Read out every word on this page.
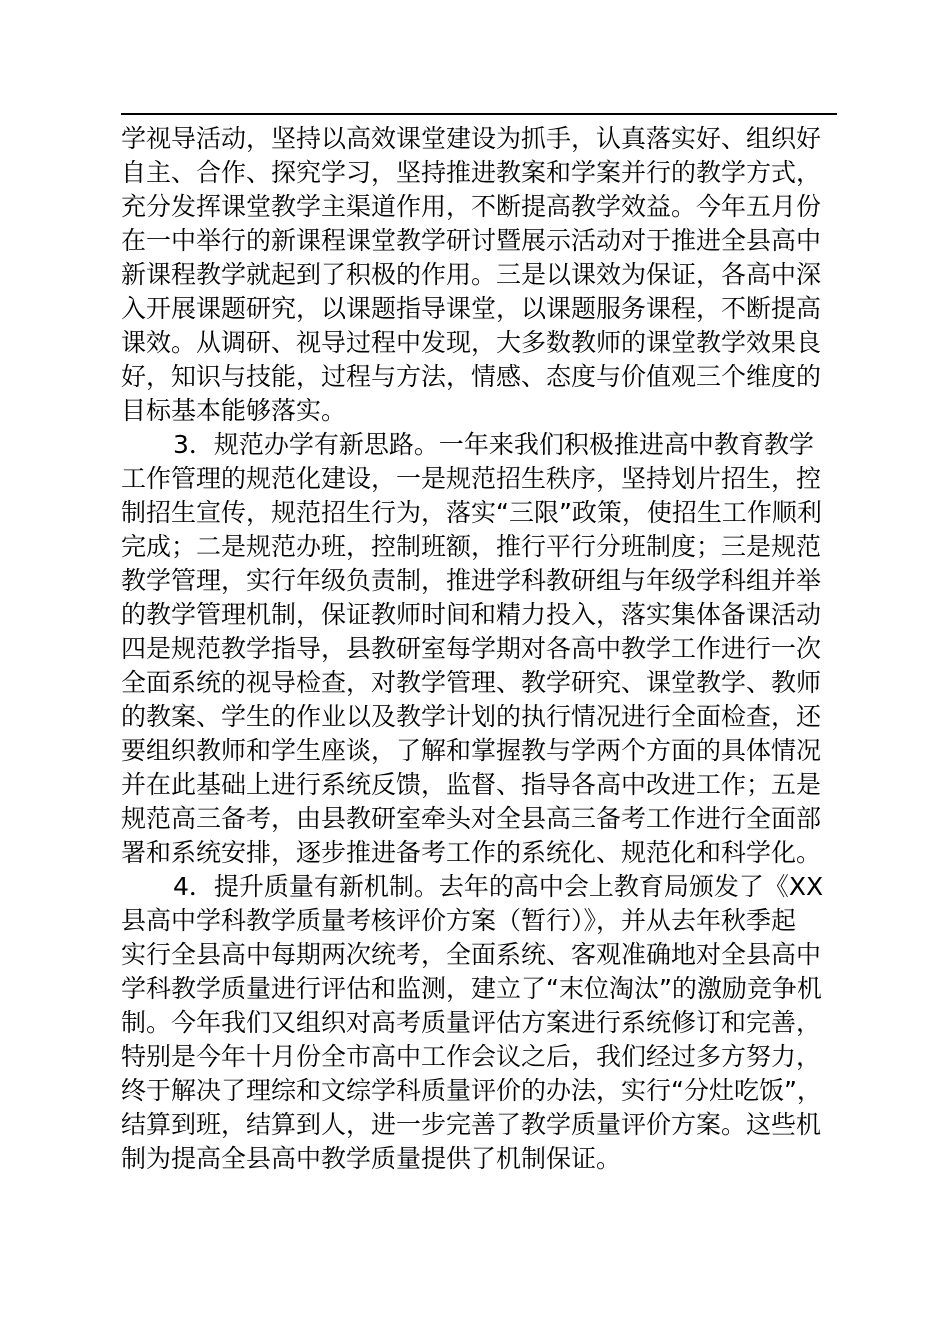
学视导活动，坚持以高效课堂建设为抓手，认真落实好、组织好
自主、合作、探究学习，坚持推进教案和学案并行的教学方式，
充分发挥课堂教学主渠道作用，不断提高教学效益。今年五月份
在一中举行的新课程课堂教学研讨暨展示活动对于推进全县高中
新课程教学就起到了积极的作用。三是以课效为保证，各高中深
入开展课题研究，以课题指导课堂，以课题服务课程，不断提高
课效。从调研、视导过程中发现，大多数教师的课堂教学效果良
好，知识与技能，过程与方法，情感、态度与价值观三个维度的
目标基本能够落实。
3．规范办学有新思路。一年来我们积极推进高中教育教学
工作管理的规范化建设，一是规范招生秩序，坚持划片招生，控
制招生宣传，规范招生行为，落实“三限”政策，使招生工作顺利
完成；二是规范办班，控制班额，推行平行分班制度；三是规范
教学管理，实行年级负责制，推进学科教研组与年级学科组并举
的教学管理机制，保证教师时间和精力投入，落实集体备课活动
四是规范教学指导，县教研室每学期对各高中教学工作进行一次
全面系统的视导检查，对教学管理、教学研究、课堂教学、教师
的教案、学生的作业以及教学计划的执行情况进行全面检查，还
要组织教师和学生座谈，了解和掌握教与学两个方面的具体情况
并在此基础上进行系统反馈，监督、指导各高中改进工作；五是
规范高三备考，由县教研室牵头对全县高三备考工作进行全面部
署和系统安排，逐步推进备考工作的系统化、规范化和科学化。
4．提升质量有新机制。去年的高中会上教育局颁发了《XX
县高中学科教学质量考核评价方案（暂行）》，并从去年秋季起
实行全县高中每期两次统考，全面系统、客观准确地对全县高中
学科教学质量进行评估和监测，建立了“末位淘汰”的激励竞争机
制。今年我们又组织对高考质量评估方案进行系统修订和完善，
特别是今年十月份全市高中工作会议之后，我们经过多方努力，
终于解决了理综和文综学科质量评价的办法，实行“分灶吃饭”，
结算到班，结算到人，进一步完善了教学质量评价方案。这些机
制为提高全县高中教学质量提供了机制保证。
